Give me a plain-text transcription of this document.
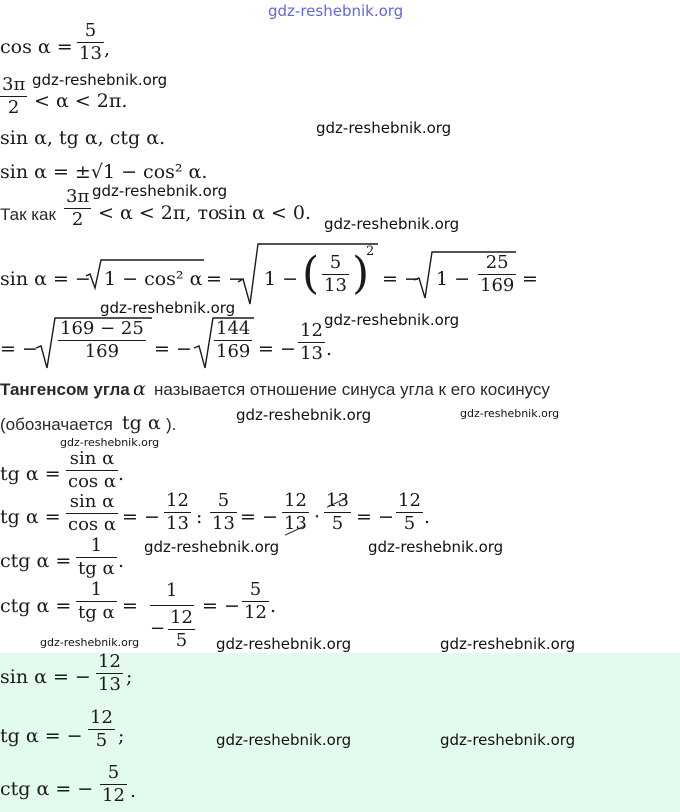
gdz-reshebnik.org
$\cos \alpha = \frac{5}{13}$ ,
$\frac{3\pi}{2} < \alpha < 2\pi$.
gdz-reshebnik.org
sin α, tg α, ctg α.	gdz-reshebnik.org
sin α = ±√1 − cos² α.
Так как $\frac{3\pi}{2} < \alpha < 2\pi$, то
sin α < 0.
gdz-reshebnik.org
gdz-reshebnik.org
sin α = − 1 − cos² α = − 1 − ( $\frac{5}{13}$ )
2
= − $1 - \frac{25}{169}$ =
gdz-reshebnik.org
gdz-reshebnik.org
= − $\frac{169 - 25}{169}$ = − $\frac{144}{169}$ = − $\frac{12}{13}$ .
Тангенсом угла α называется отношение синуса угла к его косинусу
(обозначается tg α ).	gdz-reshebnik.org	gdz-reshebnik.org
gdz-reshebnik.org
tg $\alpha = \frac{\text{sin α}}{\text{cos α}}$ .
tg $\alpha = \frac{\text{sin α}}{\text{cos α}}$ = − $\frac{12}{13}$ : $\frac{5}{13}$ = − $\frac{12}{13} \cdot \frac{13}{5}$ = − $\frac{12}{5}$ .
ctg $\alpha = \frac{1}{\text{tg α}}$ .
gdz-reshebnik.org	gdz-reshebnik.org
ctg $\alpha = \frac{1}{\text{tg α}}$ =
1
− $\frac{12}{5}$
= − $\frac{5}{12}$ .
gdz-reshebnik.org	gdz-reshebnik.org	gdz-reshebnik.org
sin α = − $\frac{12}{13}$ ;
tg α = − $\frac{12}{5}$ ;
ctg α = − $\frac{5}{12}$ .
gdz-reshebnik.org	gdz-reshebnik.org
